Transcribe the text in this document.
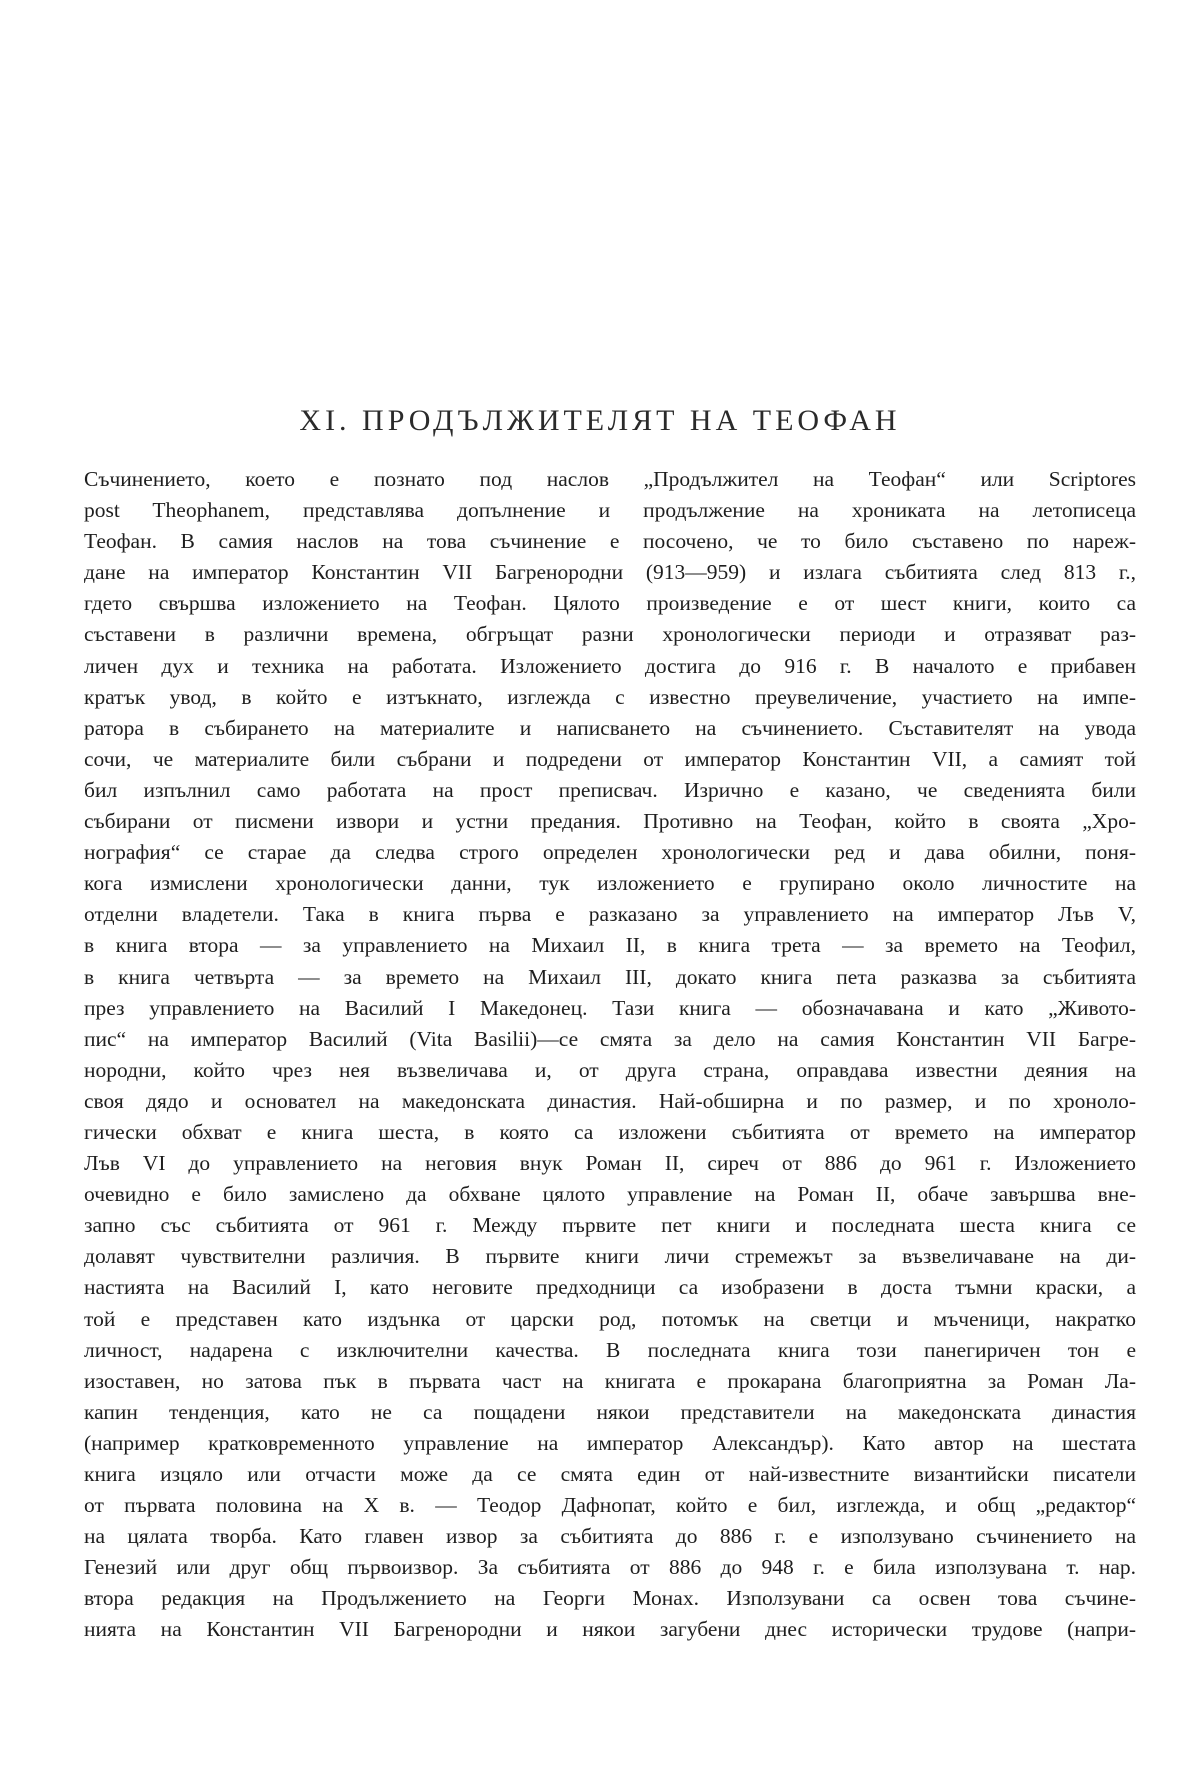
XI. ПРОДЪЛЖИТЕЛЯТ НА ТЕОФАН
Съчинението, което е познато под наслов „Продължител на Теофан“ или Scriptores
post Theophanem, представлява допълнение и продължение на хрониката на летописеца
Теофан. В самия наслов на това съчинение е посочено, че то било съставено по нареж-
дане на император Константин VII Багренородни (913—959) и излага събитията след 813 г.,
гдето свършва изложението на Теофан. Цялото произведение е от шест книги, които са
съставени в различни времена, обгръщат разни хронологически периоди и отразяват раз-
личен дух и техника на работата. Изложението достига до 916 г. В началото е прибавен
кратък увод, в който е изтъкнато, изглежда с известно преувеличение, участието на импе-
ратора в събирането на материалите и написването на съчинението. Съставителят на увода
сочи, че материалите били събрани и подредени от император Константин VII, а самият той
бил изпълнил само работата на прост преписвач. Изрично е казано, че сведенията били
събирани от писмени извори и устни предания. Противно на Теофан, който в своята „Хро-
нография“ се старае да следва строго определен хронологически ред и дава обилни, поня-
кога измислени хронологически данни, тук изложението е групирано около личностите на
отделни владетели. Така в книга първа е разказано за управлението на император Лъв V,
в книга втора — за управлението на Михаил II, в книга трета — за времето на Теофил,
в книга четвърта — за времето на Михаил III, докато книга пета разказва за събитията
през управлението на Василий I Македонец. Тази книга — обозначавана и като „Живото-
пис“ на император Василий (Vita Basilii)—се смята за дело на самия Константин VII Багре-
нородни, който чрез нея възвеличава и, от друга страна, оправдава известни деяния на
своя дядо и основател на македонската династия. Най-обширна и по размер, и по хроноло-
гически обхват е книга шеста, в която са изложени събитията от времето на император
Лъв VI до управлението на неговия внук Роман II, сиреч от 886 до 961 г. Изложението
очевидно е било замислено да обхване цялото управление на Роман II, обаче завършва вне-
запно със събитията от 961 г. Между първите пет книги и последната шеста книга се
долавят чувствителни различия. В първите книги личи стремежът за възвеличаване на ди-
настията на Василий I, като неговите предходници са изобразени в доста тъмни краски, а
той е представен като издънка от царски род, потомък на светци и мъченици, накратко
личност, надарена с изключителни качества. В последната книга този панегиричен тон е
изоставен, но затова пък в първата част на книгата е прокарана благоприятна за Роман Ла-
капин тенденция, като не са пощадени някои представители на македонската династия
(например кратковременното управление на император Александър). Като автор на шестата
книга изцяло или отчасти може да се смята един от най-известните византийски писатели
от първата половина на X в. — Теодор Дафнопат, който е бил, изглежда, и общ „редактор“
на цялата творба. Като главен извор за събитията до 886 г. е използувано съчинението на
Генезий или друг общ първоизвор. За събитията от 886 до 948 г. е била използувана т. нар.
втора редакция на Продължението на Георги Монах. Използувани са освен това съчине-
нията на Константин VII Багренородни и някои загубени днес исторически трудове (напри-
